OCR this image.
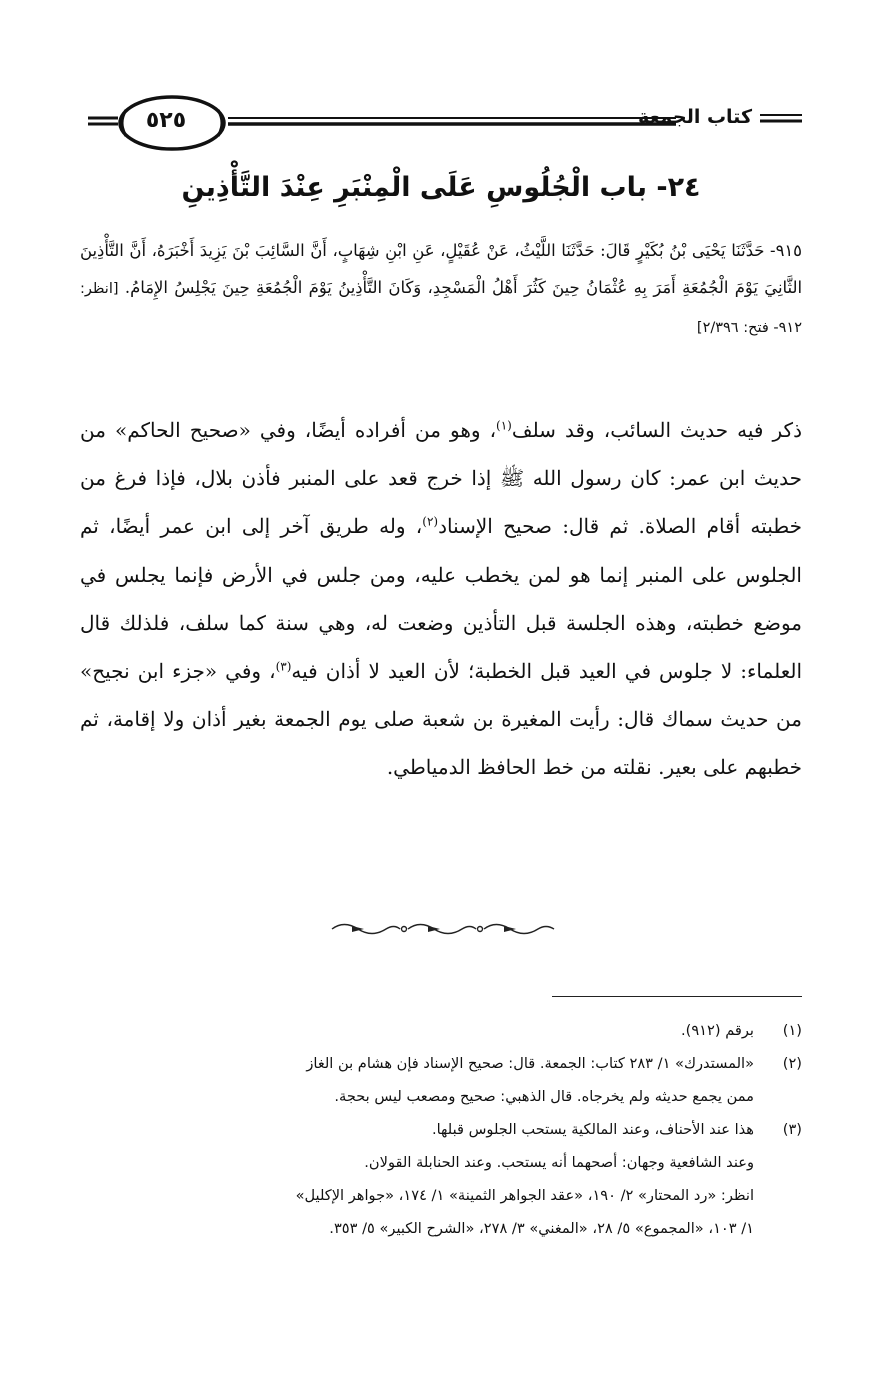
٥٢٥	كتاب الجمعة
٢٤- باب الْجُلُوسِ عَلَى الْمِنْبَرِ عِنْدَ التَّأْذِينِ

٩١٥- حَدَّثَنَا يَحْيَى بْنُ بُكَيْرٍ قَالَ: حَدَّثَنَا اللَّيْثُ، عَنْ عُقَيْلٍ، عَنِ ابْنِ شِهَابٍ، أَنَّ السَّائِبَ بْنَ يَزِيدَ أَخْبَرَهُ، أَنَّ التَّأْذِينَ الثَّانِيَ يَوْمَ الْجُمُعَةِ أَمَرَ بِهِ عُثْمَانُ حِينَ كَثُرَ أَهْلُ الْمَسْجِدِ، وَكَانَ التَّأْذِينُ يَوْمَ الْجُمُعَةِ حِينَ يَجْلِسُ الإِمَامُ. [انظر: ٩١٢- فتح: ٢/٣٩٦]

ذكر فيه حديث السائب، وقد سلف$^{(١)}$، وهو من أفراده أيضًا، وفي «صحيح الحاكم» من حديث ابن عمر: كان رسول الله ﷺ إذا خرج قعد على المنبر فأذن بلال، فإذا فرغ من خطبته أقام الصلاة. ثم قال: صحيح الإسناد$^{(٢)}$، وله طريق آخر إلى ابن عمر أيضًا، ثم الجلوس على المنبر إنما هو لمن يخطب عليه، ومن جلس في الأرض فإنما يجلس في موضع خطبته، وهذه الجلسة قبل التأذين وضعت له، وهي سنة كما سلف، فلذلك قال العلماء: لا جلوس في العيد قبل الخطبة؛ لأن العيد لا أذان فيه$^{(٣)}$، وفي «جزء ابن نجيح» من حديث سماك قال: رأيت المغيرة بن شعبة صلى يوم الجمعة بغير أذان ولا إقامة، ثم خطبهم على بعير. نقلته من خط الحافظ الدمياطي.

(١)
برقم (٩١٢).
(٢)
«المستدرك» ١/ ٢٨٣ كتاب: الجمعة. قال: صحيح الإسناد فإن هشام بن الغاز
ممن يجمع حديثه ولم يخرجاه. قال الذهبي: صحيح ومصعب ليس بحجة.
(٣)
هذا عند الأحناف، وعند المالكية يستحب الجلوس قبلها.
وعند الشافعية وجهان: أصحهما أنه يستحب. وعند الحنابلة القولان.
انظر: «رد المحتار» ٢/ ١٩٠، «عقد الجواهر الثمينة» ١/ ١٧٤، «جواهر الإكليل»
١/ ١٠٣، «المجموع» ٥/ ٢٨، «المغني» ٣/ ٢٧٨، «الشرح الكبير» ٥/ ٣٥٣.
